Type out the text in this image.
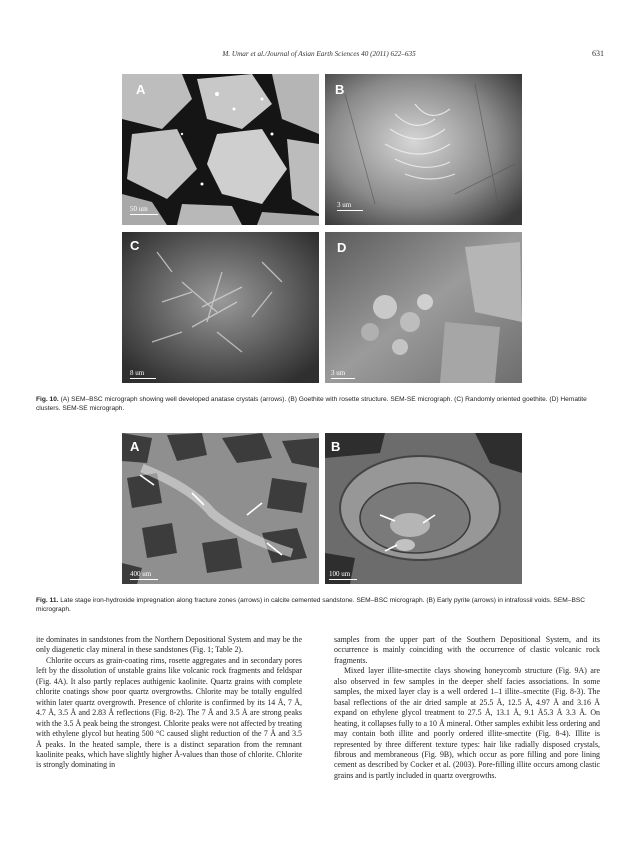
M. Umar et al./Journal of Asian Earth Sciences 40 (2011) 622–635	631
A
50 um
B
3 um
C
8 um
D
3 um
Fig. 10. (A) SEM–BSC micrograph showing well developed anatase crystals (arrows). (B) Goethite with rosette structure. SEM-SE micrograph. (C) Randomly oriented goethite. (D) Hematite clusters. SEM-SE micrograph.
A
400 um
B
100 um
Fig. 11. Late stage iron-hydroxide impregnation along fracture zones (arrows) in calcite cemented sandstone. SEM–BSC micrograph. (B) Early pyrite (arrows) in intrafossil voids. SEM–BSC micrograph.

ite dominates in sandstones from the Northern Depositional System and may be the only diagenetic clay mineral in these sandstones (Fig. 1; Table 2).

Chlorite occurs as grain-coating rims, rosette aggregates and in secondary pores left by the dissolution of unstable grains like volcanic rock fragments and feldspar (Fig. 4A). It also partly replaces authigenic kaolinite. Quartz grains with complete chlorite coatings show poor quartz overgrowths. Chlorite may be totally engulfed within later quartz overgrowth. Presence of chlorite is confirmed by its 14 Å, 7 Å, 4.7 Å, 3.5 Å and 2.83 Å reflections (Fig. 8-2). The 7 Å and 3.5 Å are strong peaks with the 3.5 Å peak being the strongest. Chlorite peaks were not affected by treating with ethylene glycol but heating 500 °C caused slight reduction of the 7 Å and 3.5 Å peaks. In the heated sample, there is a distinct separation from the remnant kaolinite peaks, which have slightly higher Å-values than those of chlorite. Chlorite is strongly dominating in

samples from the upper part of the Southern Depositional System, and its occurrence is mainly coinciding with the occurrence of clastic volcanic rock fragments.

Mixed layer illite-smectite clays showing honeycomb structure (Fig. 9A) are also observed in few samples in the deeper shelf facies associations. In some samples, the mixed layer clay is a well ordered 1–1 illite–smectite (Fig. 8-3). The basal reflections of the air dried sample at 25.5 Å, 12.5 Å, 4.97 Å and 3.16 Å expand on ethylene glycol treatment to 27.5 Å, 13.1 Å, 9.1 Å5.3 Å 3.3 Å. On heating, it collapses fully to a 10 Å mineral. Other samples exhibit less ordering and may contain both illite and poorly ordered illite-smectite (Fig. 8-4). Illite is represented by three different texture types: hair like radially disposed crystals, fibrous and membraneous (Fig. 9B), which occur as pore filling and pore lining cement as described by Cocker et al. (2003). Pore-filling illite occurs among clastic grains and is partly included in quartz overgrowths.
